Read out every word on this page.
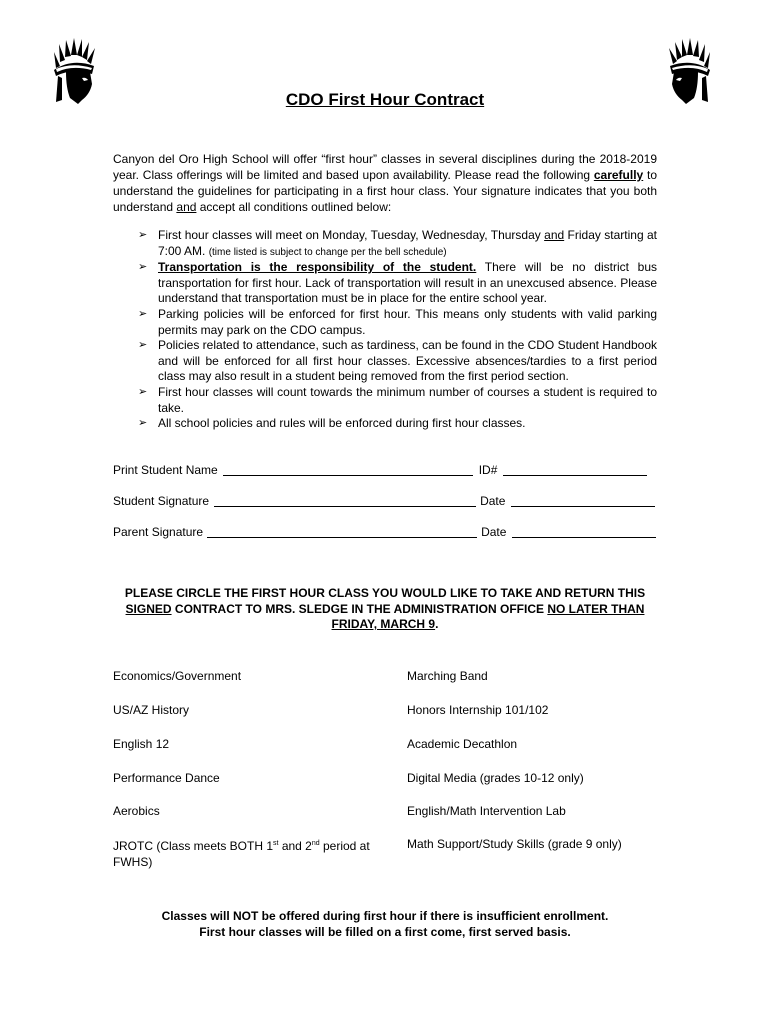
CDO First Hour Contract

Canyon del Oro High School will offer “first hour” classes in several disciplines during the 2018-2019 year. Class offerings will be limited and based upon availability. Please read the following carefully to understand the guidelines for participating in a first hour class. Your signature indicates that you both understand and accept all conditions outlined below:

➢ First hour classes will meet on Monday, Tuesday, Wednesday, Thursday and Friday starting at 7:00 AM. (time listed is subject to change per the bell schedule)
➢ Transportation is the responsibility of the student. There will be no district bus transportation for first hour. Lack of transportation will result in an unexcused absence. Please understand that transportation must be in place for the entire school year.
➢ Parking policies will be enforced for first hour. This means only students with valid parking permits may park on the CDO campus.
➢ Policies related to attendance, such as tardiness, can be found in the CDO Student Handbook and will be enforced for all first hour classes. Excessive absences/tardies to a first period class may also result in a student being removed from the first period section.
➢ First hour classes will count towards the minimum number of courses a student is required to take.
➢ All school policies and rules will be enforced during first hour classes.
Print Student Name	ID#
Student Signature	Date
Parent Signature	Date

PLEASE CIRCLE THE FIRST HOUR CLASS YOU WOULD LIKE TO TAKE AND RETURN THIS SIGNED CONTRACT TO MRS. SLEDGE IN THE ADMINISTRATION OFFICE NO LATER THAN FRIDAY, MARCH 9.

Economics/Government
US/AZ History
English 12
Performance Dance
Aerobics
JROTC (Class meets BOTH 1st and 2nd period at FWHS)
Marching Band
Honors Internship 101/102
Academic Decathlon
Digital Media (grades 10-12 only)
English/Math Intervention Lab
Math Support/Study Skills (grade 9 only)

Classes will NOT be offered during first hour if there is insufficient enrollment.
First hour classes will be filled on a first come, first served basis.
